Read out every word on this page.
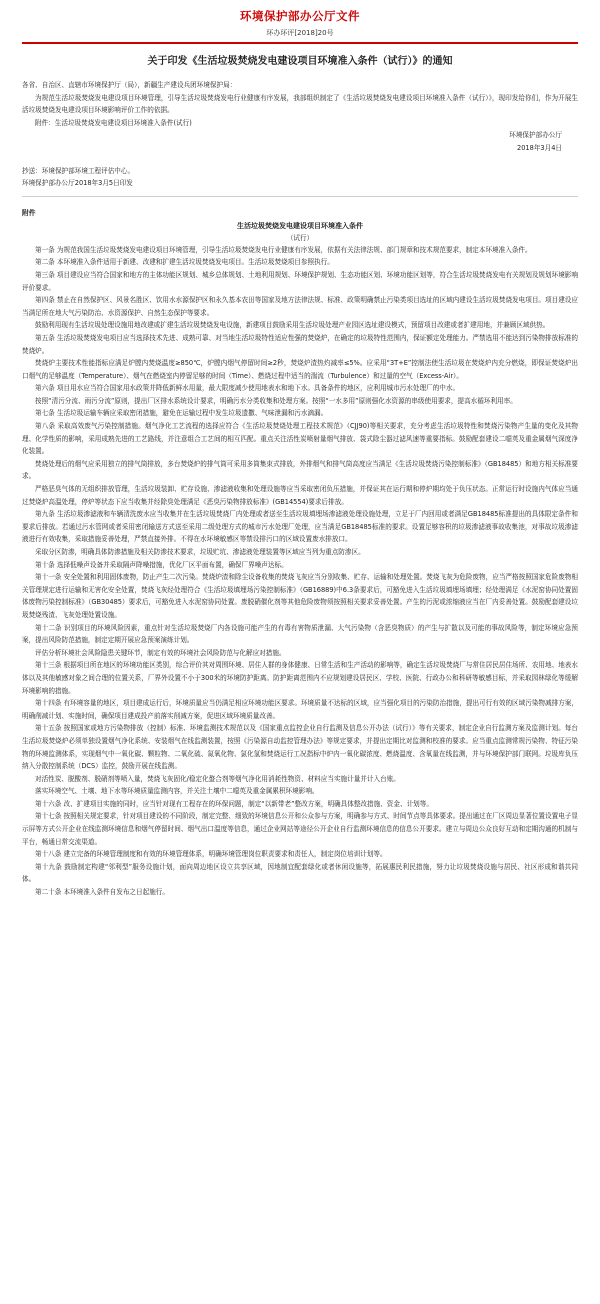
环境保护部办公厅文件
环办环评[2018]20号
关于印发《生活垃圾焚烧发电建设项目环境准入条件（试行）》的通知

各省、自治区、直辖市环境保护厅（局），新疆生产建设兵团环境保护局：

为规范生活垃圾焚烧发电建设项目环境管理，引导生活垃圾焚烧发电行业健康有序发展，我部组织制定了《生活垃圾焚烧发电建设项目环境准入条件（试行）》，现印发给你们，作为开展生活垃圾焚烧发电建设项目环境影响评价工作的依据。

附件：生活垃圾焚烧发电建设项目环境准入条件(试行)

环境保护部办公厅
2018年3月4日

抄送：环境保护部环境工程评估中心。

环境保护部办公厅2018年3月5日印发

附件
生活垃圾焚烧发电建设项目环境准入条件
（试行）

第一条 为规范我国生活垃圾焚烧发电建设项目环境管理，引导生活垃圾焚烧发电行业健康有序发展，依据有关法律法规、部门规章和技术规范要求，制定本环境准入条件。

第二条 本环境准入条件适用于新建、改建和扩建生活垃圾焚烧发电项目。生活垃圾焚烧项目参照执行。

第三条 项目建设应当符合国家和地方的主体功能区规划、城乡总体规划、土地利用规划、环境保护规划、生态功能区划、环境功能区划等，符合生活垃圾焚烧发电有关规划及规划环境影响评价要求。

第四条 禁止在自然保护区、风景名胜区、饮用水水源保护区和永久基本农田等国家及地方法律法规、标准、政策明确禁止污染类项目选址的区域内建设生活垃圾焚烧发电项目。项目建设应当满足所在地大气污染防治、水资源保护、自然生态保护等要求。

鼓励利用现有生活垃圾处理设施用地改建或扩建生活垃圾焚烧发电设施，新建项目鼓励采用生活垃圾处理产业园区选址建设模式，预留项目改建或者扩建用地，并兼顾区域供热。

第五条 生活垃圾焚烧发电项目应当选择技术先进、成熟可靠、对当地生活垃圾特性适应性强的焚烧炉，在确定的垃圾特性范围内，保证额定处理能力。严禁选用不能达到污染物排放标准的焚烧炉。

焚烧炉主要技术性能指标应满足炉膛内焚烧温度≥850℃，炉膛内烟气停留时间≥2秒，焚烧炉渣热灼减率≤5%。应采用“3T+E”控制法使生活垃圾在焚烧炉内充分燃烧，即保证焚烧炉出口烟气的足够温度（Temperature）、烟气在燃烧室内停留足够的时间（Time）、燃烧过程中适当的湍流（Turbulence）和过量的空气（Excess-Air）。

第六条 项目用水应当符合国家用水政策并降低新鲜水用量，最大限度减少使用地表水和地下水。具备条件的地区，应利用城市污水处理厂的中水。

按照“清污分流、雨污分流”原则，提出厂区排水系统设计要求，明确污水分类收集和处理方案。按照“一水多用”原则强化水资源的串级使用要求，提高水循环利用率。

第七条 生活垃圾运输车辆应采取密闭措施，避免在运输过程中发生垃圾遗撒、气味泄漏和污水滴漏。

第八条 采取高效废气污染控制措施。烟气净化工艺流程的选择应符合《生活垃圾焚烧处理工程技术规范》（CJJ90)等相关要求，充分考虑生活垃圾特性和焚烧污染物产生量的变化及其物理、化学性质的影响，采用成熟先进的工艺路线，并注意组合工艺间的相互匹配。重点关注活性炭喷射量烟气排放、袋式除尘器过滤风速等重要指标。鼓励配套建设二噁英及重金属烟气深度净化装置。

焚烧处理后的烟气应采用独立的排气筒排放，多台焚烧炉的排气筒可采用多筒集束式排放，外排烟气和排气筒高度应当满足《生活垃圾焚烧污染控制标准》（GB18485）和地方相关标准要求。

严格恶臭气体的无组织排放管理，生活垃圾装卸、贮存设施、渗滤液收集和处理设施等应当采取密闭负压措施，并保证其在运行期和停炉期均处于负压状态。正常运行时设施内气体应当通过焚烧炉高温处理，停炉等状态下应当收集并经除臭处理满足《恶臭污染物排放标准》(GB14554)要求后排放。

第九条 生活垃圾渗滤液和车辆清洗废水应当收集并在生活垃圾焚烧厂内处理或者送至生活垃圾填埋场渗滤液处理设施处理，立足于厂内回用或者满足GB18485标准提出的具体限定条件和要求后排放。若通过污水管网或者采用密闭输送方式送至采用二级处理方式的城市污水处理厂处理，应当满足GB18485标准的要求。设置足够容积的垃圾渗滤液事故收集池，对事故垃圾渗滤液进行有效收集，采取措施妥善处理，严禁直接外排。不得在水环境敏感区等禁设排污口的区域设置废水排放口。

采取分区防渗，明确具体防渗措施及相关防渗技术要求，垃圾贮坑、渗滤液处理装置等区域应当列为重点防渗区。

第十条 选择低噪声设备并采取隔声降噪措施，优化厂区平面布置，确保厂界噪声达标。

第十一条 安全处置和利用固体废物，防止产生二次污染。焚烧炉渣和除尘设备收集的焚烧飞灰应当分别收集、贮存、运输和处理处置。焚烧飞灰为危险废物，应当严格按照国家危险废物相关管理规定进行运输和无害化安全处置，焚烧飞灰经处理符合《生活垃圾填埋场污染控制标准》（GB16889)中6.3条要求后，可豁免进入生活垃圾填埋场填埋；经处理满足《水泥窑协同处置固体废物污染控制标准》（GB30485）要求后，可豁免进入水泥窑协同处置。废脱硝催化剂等其他危险废物须按照相关要求妥善处置。产生的污泥或浓缩液应当在厂内妥善处置。鼓励配套建设垃圾焚烧残渣、飞灰处理处置设施。

第十二条 识别项目的环境风险因素，重点针对生活垃圾焚烧厂内各设施可能产生的有毒有害物质泄漏、大气污染物（含恶臭物质）的产生与扩散以及可能的事故风险等，制定环境应急预案，提出风险防范措施，制定定期开展应急预案演练计划。

评估分析环境社会风险隐患关键环节，制定有效的环境社会风险防范与化解应对措施。

第十三条 根据项目所在地区的环境功能区类别，综合评价其对周围环境、居住人群的身体健康、日常生活和生产活动的影响等，确定生活垃圾焚烧厂与常住居民居住场所、农用地、地表水体以及其他敏感对象之间合理的位置关系，厂界外设置不小于300米的环境防护距离。防护距离范围内不应规划建设居民区、学校、医院、行政办公和科研等敏感目标，并采取园林绿化等缓解环境影响的措施。

第十四条 有环境容量的地区，项目建成运行后，环境质量应当仍满足相应环境功能区要求。环境质量不达标的区域，应当强化项目的污染防治措施，提出可行有效的区域污染物减排方案，明确削减计划、实施时间，确保项目建成投产前落实削减方案，促进区域环境质量改善。

第十五条 按照国家或地方污染物排放（控制）标准、环境监测技术规范以及《国家重点监控企业自行监测及信息公开办法（试行）》等有关要求，制定企业自行监测方案及监测计划。每台生活垃圾焚烧炉必须单独设置烟气净化系统、安装烟气在线监测装置，按照《污染源自动监控管理办法》等规定要求，并提出定期比对监测和校准的要求。应当重点监测常规污染物、特征污染物的环境监测体系，实现烟气中一氧化碳、颗粒物、二氧化硫、氮氧化物、氯化氢和焚烧运行工况指标中炉内一氧化碳浓度、燃烧温度、含氧量在线监测，并与环境保护部门联网。垃圾库负压纳入分散控制系统（DCS）监控，鼓励开展在线监测。

对活性炭、脱酸剂、脱硝剂等喷入量，焚烧飞灰固化/稳定化螯合剂等烟气净化用消耗性物资、材料应当实施计量并计入台账。

落实环境空气、土壤、地下水等环境质量监测内容，并关注土壤中二噁英及重金属累积环境影响。

第十六条 改、扩建项目实施的同时，应当针对现有工程存在的环保问题，制定“以新带老”整改方案，明确具体整改措施、资金、计划等。

第十七条 按照相关规定要求，针对项目建设的不同阶段，制定完整、细致的环境信息公开和公众参与方案，明确参与方式、时间节点等具体要求。提出通过在厂区周边显著位置设置电子显示屏等方式公开企业在线监测环境信息和烟气停留时间、烟气出口温度等信息，通过企业网站等途径公开企业自行监测环境信息的信息公开要求。建立与周边公众良好互动和定期沟通的机制与平台，畅通日常交流渠道。

第十八条 建立完备的环境管理制度和有效的环境管理体系，明确环境管理岗位职责要求和责任人，制定岗位培训计划等。

第十九条 鼓励制定构建“邻利型”服务设施计划，面向周边地区设立共享区域，因地制宜配套绿化或者休闲设施等，拓展惠民利民措施，努力让垃圾焚烧设施与居民、社区形成和谐共同体。

第二十条 本环境准入条件自发布之日起施行。
